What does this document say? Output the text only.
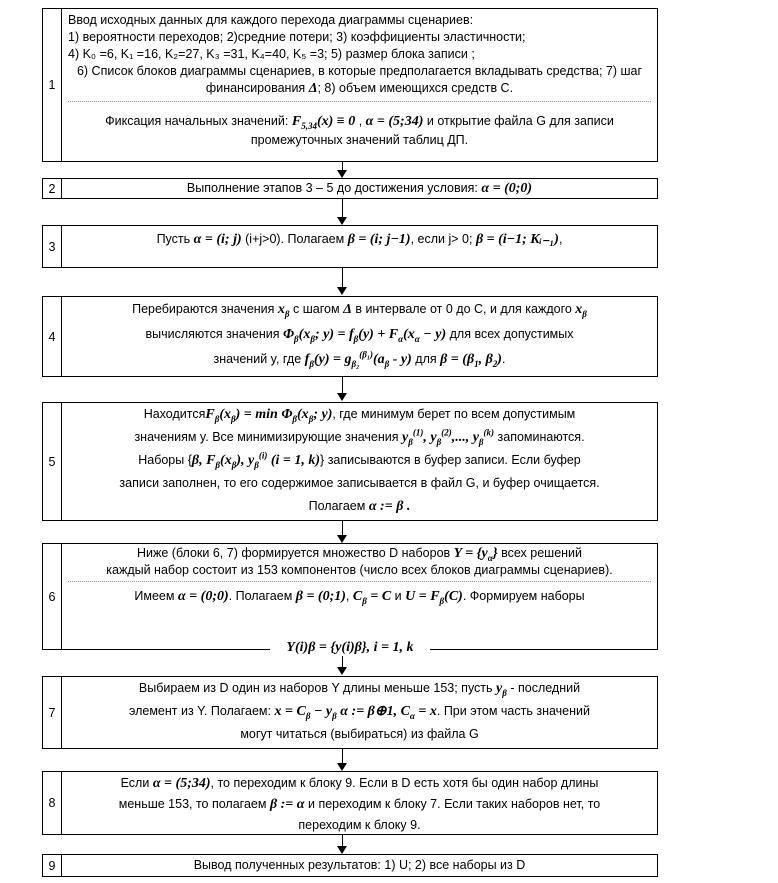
1
Ввод исходных данных для каждого перехода диаграммы сценариев:
1) вероятности переходов; 2)средние потери; 3) коэффициенты эластичности;
4) K₀ =6, K₁ =16, K₂=27, K₃ =31, K₄=40, K₅ =3; 5) размер блока записи ;
6) Список блоков диаграммы сценариев, в которые предполагается вкладывать средства; 7) шаг финансирования Δ; 8) объем имеющихся средств C.
Фиксация начальных значений: $F_{5,34}(x) \equiv 0$ , α = (5;34) и открытие файла G для записи промежуточных значений таблиц ДП.
2	Выполнение этапов 3 – 5 до достижения условия: α = (0;0)
3
Пусть α = (i; j) (i+j>0). Полагаем β = (i; j−1), если j> 0; β = (i−1; Kᵢ₋₁),
4
Перебираются значения $x_\beta$ с шагом Δ в интервале от 0 до C, и для каждого $x_\beta$
вычисляются значения $\Phi_\beta(x_\beta$; $y) = f_\beta(y) + F_\alpha(x_\alpha - y)$ для всех допустимых
значений y, где $f_\beta(y) = g_{\beta_2}^{(\beta_1)}(a_\beta - y)$ для $\beta = (\beta_1$, $\beta_2$).
5
$НаходитсяF_\beta(x_\beta) = \min \Phi_\beta(x_\beta$; y), где минимум берет по всем допустимым
значениям y. Все минимизирующие значения $y_\beta^{(1)}$, $y_\beta^{(2)}$,..., $y_\beta^{(k)}$ запоминаются.
Наборы {β, $F_\beta(x_\beta)$, $y_\beta^{(i)}$ (i = 1, k)} записываются в буфер записи. Если буфер
записи заполнен, то его содержимое записывается в файл G, и буфер очищается.
Полагаем α := β .
6
Ниже (блоки 6, 7) формируется множество D наборов $Y = \{y_\alpha\}$ всех решений
каждый набор состоит из 153 компонентов (число всех блоков диаграммы сценариев).
Имеем α = (0;0). Полагаем β = (0;1), $C_\beta = C$ и $U = F_\beta(C)$. Формируем наборы
Y(i)β = {y(i)β}, i = 1, k
7
Выбираем из D один из наборов Y длины меньше 153; пусть $y_\beta$ - последний
элемент из Y. Полагаем: $x = C_\beta - y_\beta$ α := β⊕1, $C_\alpha = x$. При этом часть значений
могут читаться (выбираться) из файла G
8
Если α = (5;34), то переходим к блоку 9. Если в D есть хотя бы один набор длины
меньше 153, то полагаем β := α и переходим к блоку 7. Если таких наборов нет, то
переходим к блоку 9.
9	Вывод полученных результатов: 1) U; 2) все наборы из D
